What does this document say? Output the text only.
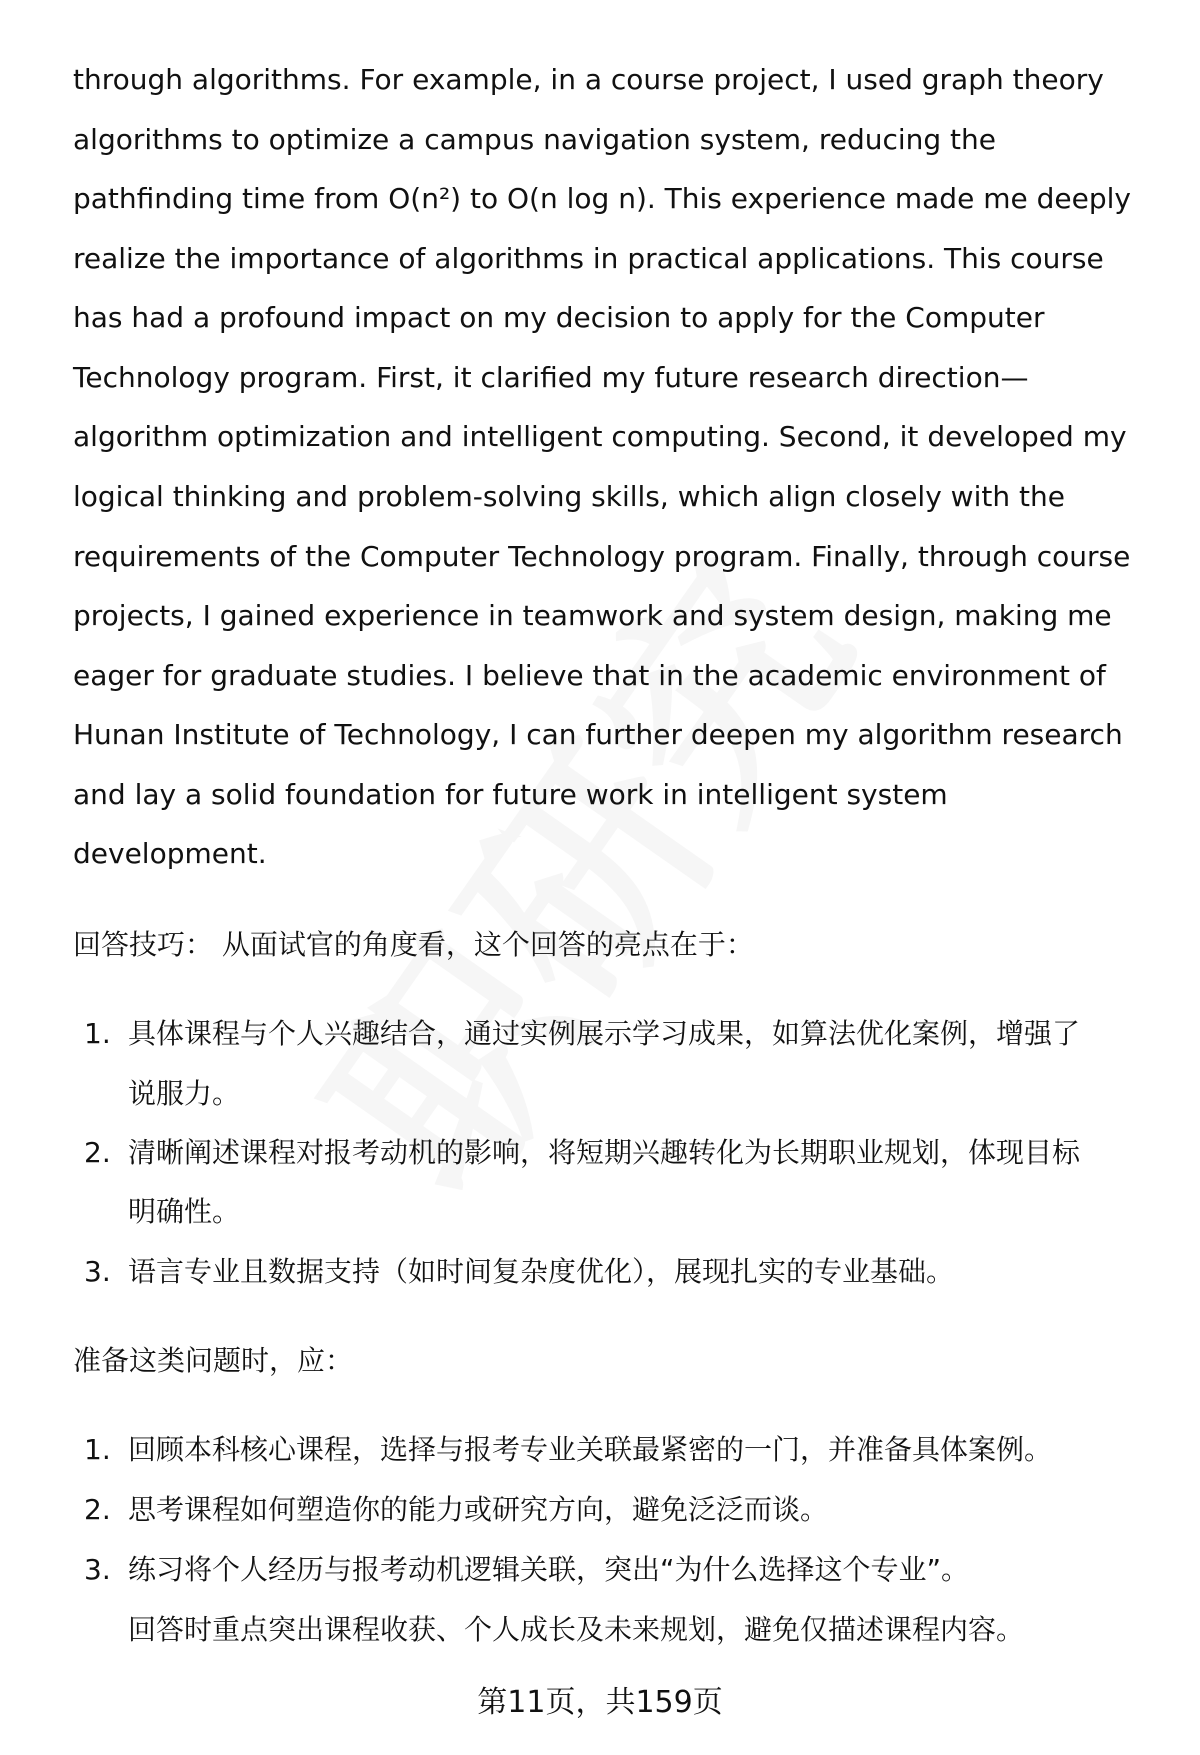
through algorithms. For example, in a course project, I used graph theory
algorithms to optimize a campus navigation system, reducing the
pathfinding time from O(n²) to O(n log n). This experience made me deeply
realize the importance of algorithms in practical applications. This course
has had a profound impact on my decision to apply for the Computer
Technology program. First, it clarified my future research direction—
algorithm optimization and intelligent computing. Second, it developed my
logical thinking and problem-solving skills, which align closely with the
requirements of the Computer Technology program. Finally, through course
projects, I gained experience in teamwork and system design, making me
eager for graduate studies. I believe that in the academic environment of
Hunan Institute of Technology, I can further deepen my algorithm research
and lay a solid foundation for future work in intelligent system
development.
回答技巧： 从面试官的角度看，这个回答的亮点在于：
1. 具体课程与个人兴趣结合，通过实例展示学习成果，如算法优化案例，增强了
说服力。
2. 清晰阐述课程对报考动机的影响，将短期兴趣转化为长期职业规划，体现目标
明确性。
3. 语言专业且数据支持（如时间复杂度优化），展现扎实的专业基础。
准备这类问题时，应：
1. 回顾本科核心课程，选择与报考专业关联最紧密的一门，并准备具体案例。
2. 思考课程如何塑造你的能力或研究方向，避免泛泛而谈。
3. 练习将个人经历与报考动机逻辑关联，突出“为什么选择这个专业”。
回答时重点突出课程收获、个人成长及未来规划，避免仅描述课程内容。
第11页，共159页
